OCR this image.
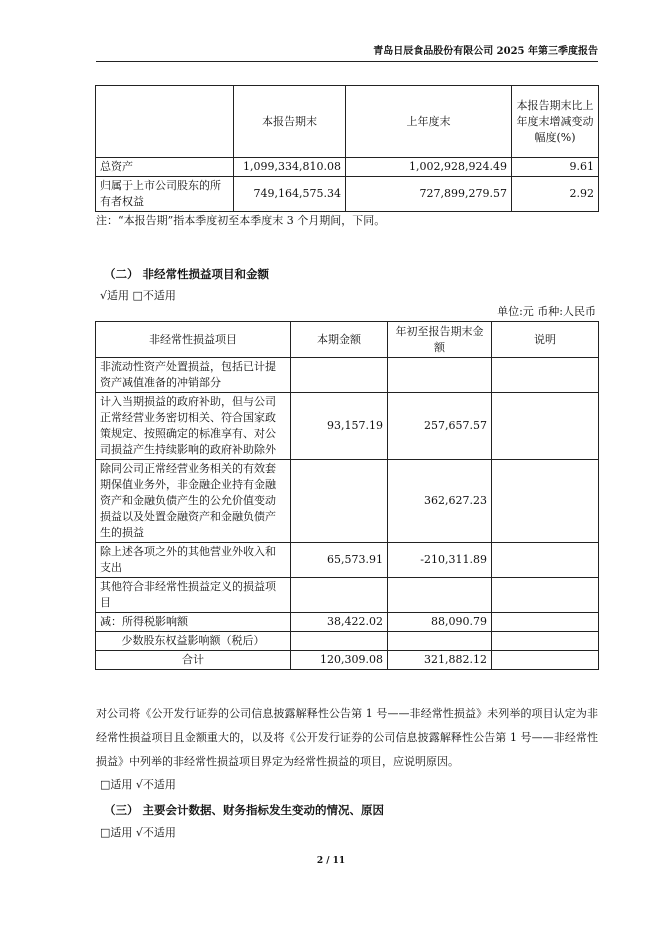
青岛日辰食品股份有限公司 2025 年第三季度报告
	本报告期末	上年度末	本报告期末比上年度末增减变动幅度(%)
总资产	1,099,334,810.08	1,002,928,924.49	9.61
归属于上市公司股东的所有者权益	749,164,575.34	727,899,279.57	2.92
注：“本报告期”指本季度初至本季度末 3 个月期间，下同。
（二） 非经常性损益项目和金额
√适用 □不适用
单位:元 币种:人民币
非经常性损益项目	本期金额	年初至报告期末金额	说明
非流动性资产处置损益，包括已计提资产减值准备的冲销部分			
计入当期损益的政府补助，但与公司正常经营业务密切相关、符合国家政策规定、按照确定的标准享有、对公司损益产生持续影响的政府补助除外	93,157.19	257,657.57	
除同公司正常经营业务相关的有效套期保值业务外，非金融企业持有金融资产和金融负债产生的公允价值变动损益以及处置金融资产和金融负债产生的损益		362,627.23	
除上述各项之外的其他营业外收入和支出	65,573.91	-210,311.89	
其他符合非经常性损益定义的损益项目			
减：所得税影响额	38,422.02	88,090.79	
少数股东权益影响额（税后）			
合计	120,309.08	321,882.12	
对公司将《公开发行证券的公司信息披露解释性公告第 1 号——非经常性损益》未列举的项目认定为非经常性损益项目且金额重大的，以及将《公开发行证券的公司信息披露解释性公告第 1 号——非经常性损益》中列举的非经常性损益项目界定为经常性损益的项目，应说明原因。
□适用 √不适用
（三） 主要会计数据、财务指标发生变动的情况、原因
□适用 √不适用
2 / 11
